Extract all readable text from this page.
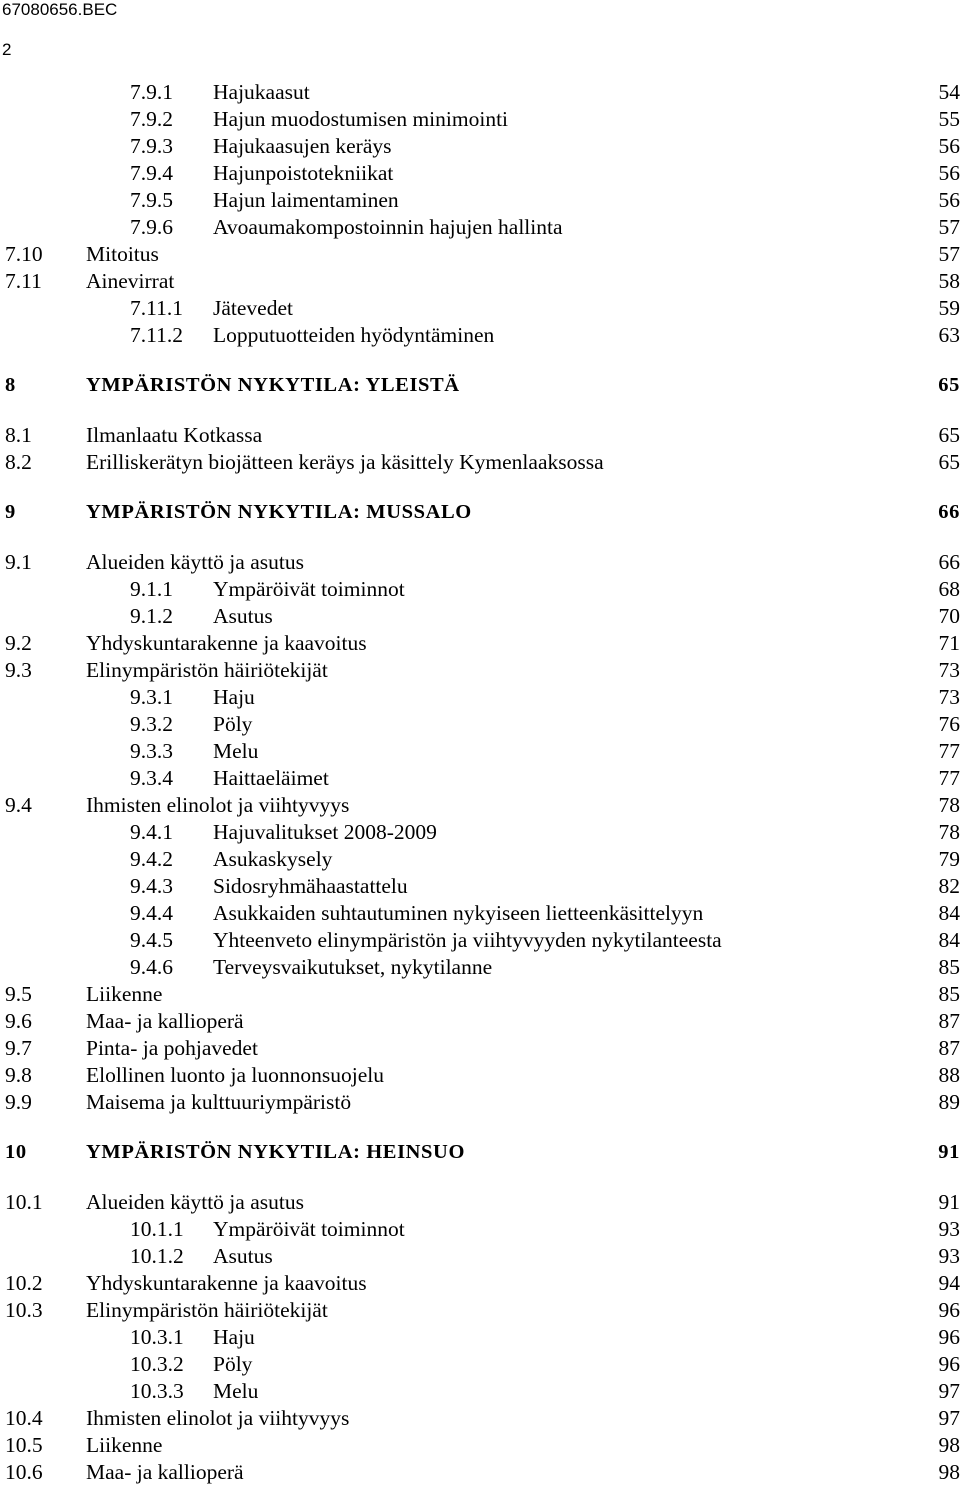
67080656.BEC
2
7.9.1 Hajukaasut	54
7.9.2 Hajun muodostumisen minimointi	55
7.9.3 Hajukaasujen keräys	56
7.9.4 Hajunpoistotekniikat	56
7.9.5 Hajun laimentaminen	56
7.9.6 Avoaumakompostoinnin hajujen hallinta	57
7.10 Mitoitus	57
7.11 Ainevirrat	58
7.11.1 Jätevedet	59
7.11.2 Lopputuotteiden hyödyntäminen	63
8	YMPÄRISTÖN NYKYTILA: YLEISTÄ	65
8.1	Ilmanlaatu Kotkassa	65
8.2	Erilliskerätyn biojätteen keräys ja käsittely Kymenlaaksossa	65
9	YMPÄRISTÖN NYKYTILA: MUSSALO	66
9.1	Alueiden käyttö ja asutus	66
9.1.1 Ympäröivät toiminnot	68
9.1.2 Asutus	70
9.2	Yhdyskuntarakenne ja kaavoitus	71
9.3	Elinympäristön häiriötekijät	73
9.3.1 Haju	73
9.3.2 Pöly	76
9.3.3 Melu	77
9.3.4 Haittaeläimet	77
9.4	Ihmisten elinolot ja viihtyvyys	78
9.4.1 Hajuvalitukset 2008-2009	78
9.4.2 Asukaskysely	79
9.4.3 Sidosryhmähaastattelu	82
9.4.4 Asukkaiden suhtautuminen nykyiseen lietteenkäsittelyyn	84
9.4.5 Yhteenveto elinympäristön ja viihtyvyyden nykytilanteesta	84
9.4.6 Terveysvaikutukset, nykytilanne	85
9.5	Liikenne	85
9.6	Maa- ja kallioperä	87
9.7	Pinta- ja pohjavedet	87
9.8	Elollinen luonto ja luonnonsuojelu	88
9.9	Maisema ja kulttuuriympäristö	89
10	YMPÄRISTÖN NYKYTILA: HEINSUO	91
10.1 Alueiden käyttö ja asutus	91
10.1.1 Ympäröivät toiminnot	93
10.1.2 Asutus	93
10.2 Yhdyskuntarakenne ja kaavoitus	94
10.3 Elinympäristön häiriötekijät	96
10.3.1 Haju	96
10.3.2 Pöly	96
10.3.3 Melu	97
10.4 Ihmisten elinolot ja viihtyvyys	97
10.5 Liikenne	98
10.6 Maa- ja kallioperä	98
